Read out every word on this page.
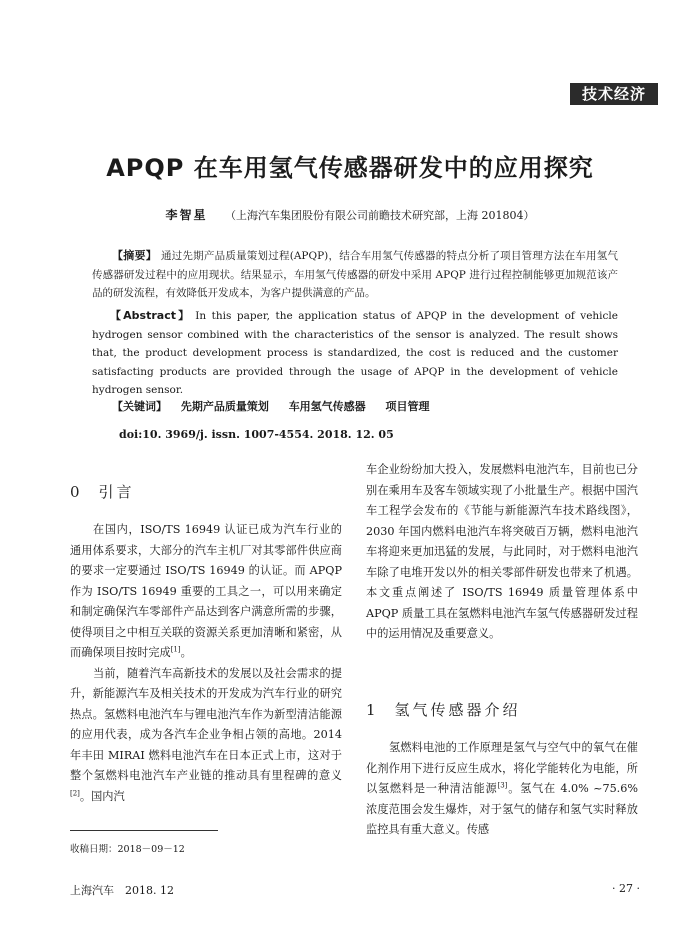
技术经济
APQP 在车用氢气传感器研发中的应用探究
李智星 （上海汽车集团股份有限公司前瞻技术研究部，上海 201804）
【摘要】 通过先期产品质量策划过程(APQP)，结合车用氢气传感器的特点分析了项目管理方法在车用氢气传感器研发过程中的应用现状。结果显示，车用氢气传感器的研发中采用 APQP 进行过程控制能够更加规范该产品的研发流程，有效降低开发成本，为客户提供满意的产品。
【Abstract】 In this paper, the application status of APQP in the development of vehicle hydrogen sensor combined with the characteristics of the sensor is analyzed. The result shows that, the product development process is standardized, the cost is reduced and the customer satisfacting products are provided through the usage of APQP in the development of vehicle hydrogen sensor.
【关键词】 先期产品质量策划 车用氢气传感器 项目管理
doi:10. 3969/j. issn. 1007-4554. 2018. 12. 05
0 引言

在国内，ISO/TS 16949 认证已成为汽车行业的通用体系要求，大部分的汽车主机厂对其零部件供应商的要求一定要通过 ISO/TS 16949 的认证。而 APQP 作为 ISO/TS 16949 重要的工具之一，可以用来确定和制定确保汽车零部件产品达到客户满意所需的步骤，使得项目之中相互关联的资源关系更加清晰和紧密，从而确保项目按时完成[1]。

当前，随着汽车高新技术的发展以及社会需求的提升，新能源汽车及相关技术的开发成为汽车行业的研究热点。氢燃料电池汽车与锂电池汽车作为新型清洁能源的应用代表，成为各汽车企业争相占领的高地。2014 年丰田 MIRAI 燃料电池汽车在日本正式上市，这对于整个氢燃料电池汽车产业链的推动具有里程碑的意义[2]。国内汽

车企业纷纷加大投入，发展燃料电池汽车，目前也已分别在乘用车及客车领域实现了小批量生产。根据中国汽车工程学会发布的《节能与新能源汽车技术路线图》，2030 年国内燃料电池汽车将突破百万辆，燃料电池汽车将迎来更加迅猛的发展，与此同时，对于燃料电池汽车除了电堆开发以外的相关零部件研发也带来了机遇。本文重点阐述了 ISO/TS 16949 质量管理体系中 APQP 质量工具在氢燃料电池汽车氢气传感器研发过程中的运用情况及重要意义。

1 氢气传感器介绍

氢燃料电池的工作原理是氢气与空气中的氧气在催化剂作用下进行反应生成水，将化学能转化为电能，所以氢燃料是一种清洁能源[3]。氢气在 4.0% ~75.6% 浓度范围会发生爆炸，对于氢气的储存和氢气实时释放监控具有重大意义。传感

收稿日期：2018－09－12
上海汽车　2018. 12	· 27 ·
